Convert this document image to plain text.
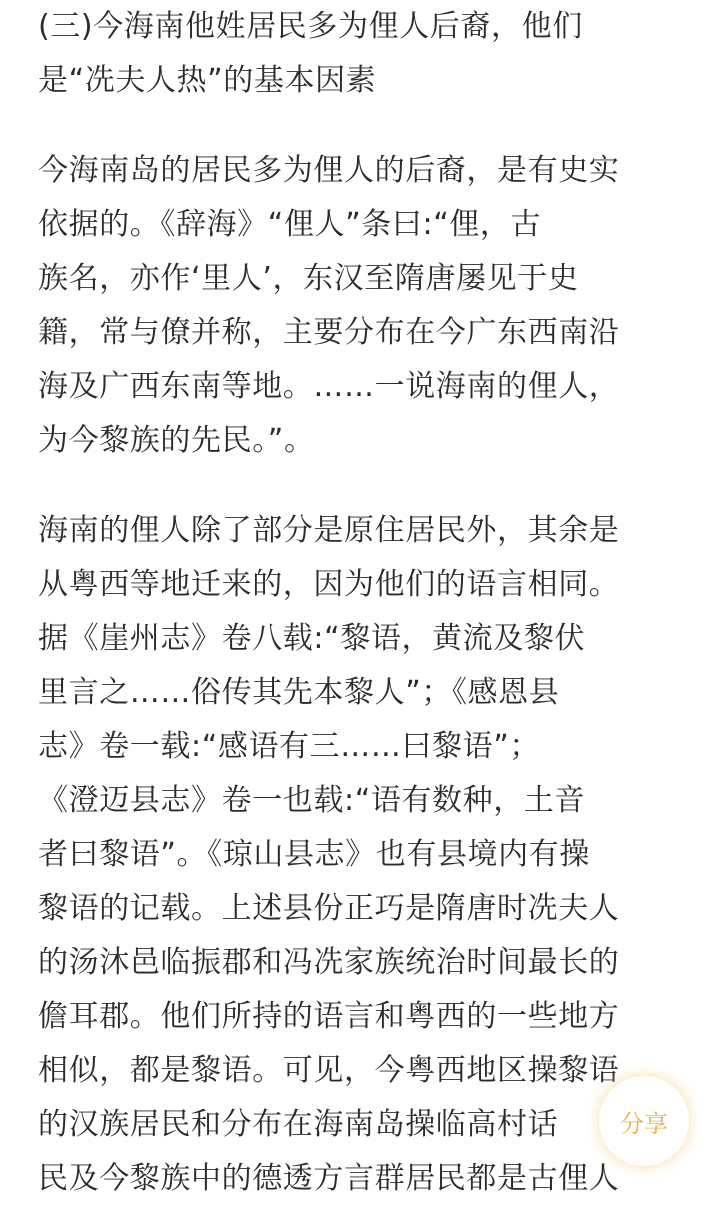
(三)今海南他姓居民多为俚人后裔，他们
是“冼夫人热”的基本因素

今海南岛的居民多为俚人的后裔，是有史实
依据的。《辞海》“俚人”条曰:“俚，古
族名，亦作‘里人’，东汉至隋唐屡见于史
籍，常与僚并称，主要分布在今广东西南沿
海及广西东南等地。……一说海南的俚人，
为今黎族的先民。”。

海南的俚人除了部分是原住居民外，其余是
从粤西等地迁来的，因为他们的语言相同。
据《崖州志》卷八载:“黎语，黄流及黎伏
里言之……俗传其先本黎人”；《感恩县
志》卷一载:“感语有三……曰黎语”；
《澄迈县志》卷一也载:“语有数种，土音
者曰黎语”。《琼山县志》也有县境内有操
黎语的记载。上述县份正巧是隋唐时冼夫人
的汤沐邑临振郡和冯冼家族统治时间最长的
儋耳郡。他们所持的语言和粤西的一些地方
相似，都是黎语。可见，今粤西地区操黎语
的汉族居民和分布在海南岛操临高村话
民及今黎族中的德透方言群居民都是古俚人

分享
